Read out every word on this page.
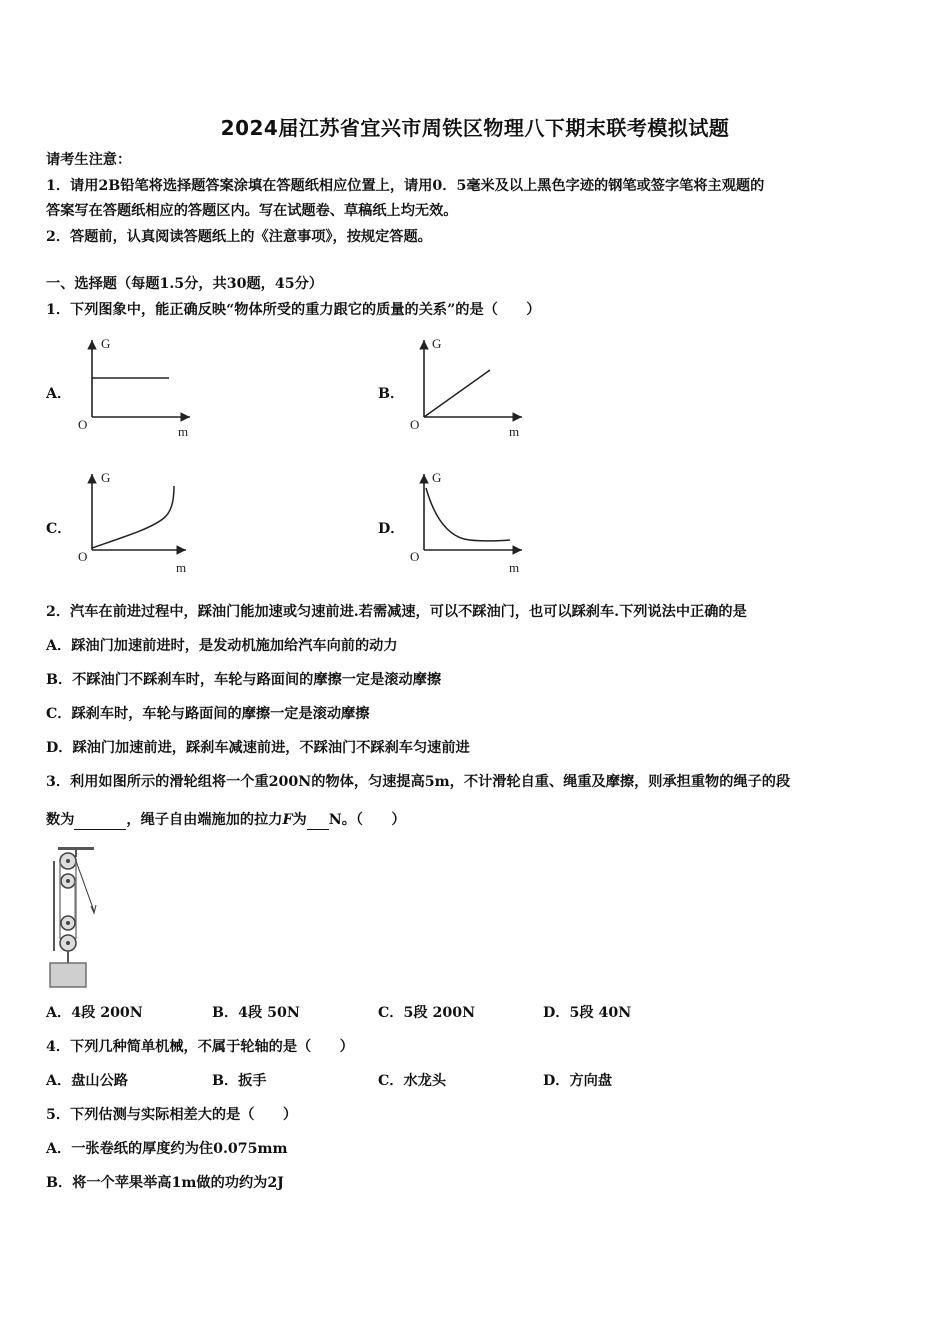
2024届江苏省宜兴市周铁区物理八下期末联考模拟试题
请考生注意：
1．请用2B铅笔将选择题答案涂填在答题纸相应位置上，请用0．5毫米及以上黑色字迹的钢笔或签字笔将主观题的
答案写在答题纸相应的答题区内。写在试题卷、草稿纸上均无效。
2．答题前，认真阅读答题纸上的《注意事项》，按规定答题。
一、选择题（每题1.5分，共30题，45分）
1．下列图象中，能正确反映“物体所受的重力跟它的质量的关系”的是（　　）
A．	B．
C．	D．
G
O	m
G
O	m
G
O
m
G
O
m
2．汽车在前进过程中，踩油门能加速或匀速前进.若需减速，可以不踩油门，也可以踩刹车.下列说法中正确的是
A．踩油门加速前进时，是发动机施加给汽车向前的动力
B．不踩油门不踩刹车时，车轮与路面间的摩擦一定是滚动摩擦
C．踩刹车时，车轮与路面间的摩擦一定是滚动摩擦
D．踩油门加速前进，踩刹车减速前进，不踩油门不踩刹车匀速前进
3．利用如图所示的滑轮组将一个重200N的物体，匀速提高5m，不计滑轮自重、绳重及摩擦，则承担重物的绳子的段
数为	，绳子自由端施加的拉力F为 N。（　　）
A．4段 200N	B．4段 50N	C．5段 200N	D．5段 40N
4．下列几种简单机械，不属于轮轴的是（　　）
A．盘山公路	B．扳手	C．水龙头	D．方向盘
5．下列估测与实际相差大的是（　　）
A．一张卷纸的厚度约为住0.075mm
B．将一个苹果举高1m做的功约为2J
